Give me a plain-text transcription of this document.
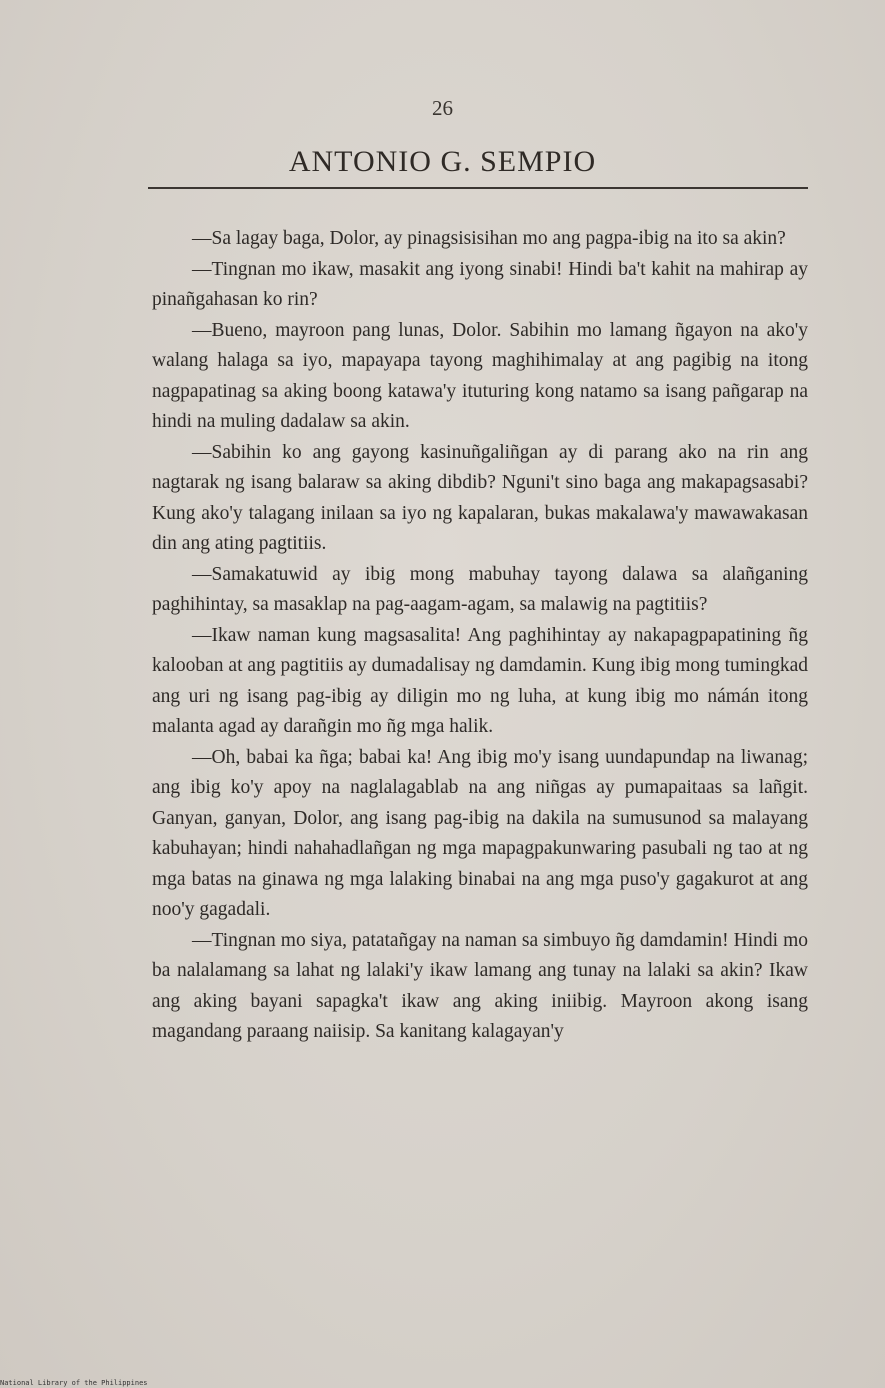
26
ANTONIO G. SEMPIO

—Sa lagay baga, Dolor, ay pinagsisisihan mo ang pagpa-ibig na ito sa akin?

—Tingnan mo ikaw, masakit ang iyong sinabi! Hindi ba't kahit na mahirap ay pinañgahasan ko rin?

—Bueno, mayroon pang lunas, Dolor. Sabihin mo lamang ñgayon na ako'y walang halaga sa iyo, mapayapa tayong maghihimalay at ang pagibig na itong nagpapatinag sa aking boong katawa'y ituturing kong natamo sa isang pañgarap na hindi na muling dadalaw sa akin.

—Sabihin ko ang gayong kasinuñgaliñgan ay di parang ako na rin ang nagtarak ng isang balaraw sa aking dibdib? Nguni't sino baga ang makapagsasabi? Kung ako'y talagang inilaan sa iyo ng kapalaran, bukas makalawa'y mawawakasan din ang ating pagtitiis.

—Samakatuwid ay ibig mong mabuhay tayong dalawa sa alañganing paghihintay, sa masaklap na pag-aagam-agam, sa malawig na pagtitiis?

—Ikaw naman kung magsasalita! Ang paghihintay ay nakapagpapatining ñg kalooban at ang pagtitiis ay dumadalisay ng damdamin. Kung ibig mong tumingkad ang uri ng isang pag-ibig ay diligin mo ng luha, at kung ibig mo námán itong malanta agad ay darañgin mo ñg mga halik.

—Oh, babai ka ñga; babai ka! Ang ibig mo'y isang uundapundap na liwanag; ang ibig ko'y apoy na naglalagablab na ang niñgas ay pumapaitaas sa lañgit. Ganyan, ganyan, Dolor, ang isang pag-ibig na dakila na sumusunod sa malayang kabuhayan; hindi nahahadlañgan ng mga mapagpakunwaring pasubali ng tao at ng mga batas na ginawa ng mga lalaking binabai na ang mga puso'y gagakurot at ang noo'y gagadali.

—Tingnan mo siya, patatañgay na naman sa simbuyo ñg damdamin! Hindi mo ba nalalamang sa lahat ng lalaki'y ikaw lamang ang tunay na lalaki sa akin? Ikaw ang aking bayani sapagka't ikaw ang aking iniibig. Mayroon akong isang magandang paraang naiisip. Sa kanitang kalagayan'y

National Library of the Philippines
